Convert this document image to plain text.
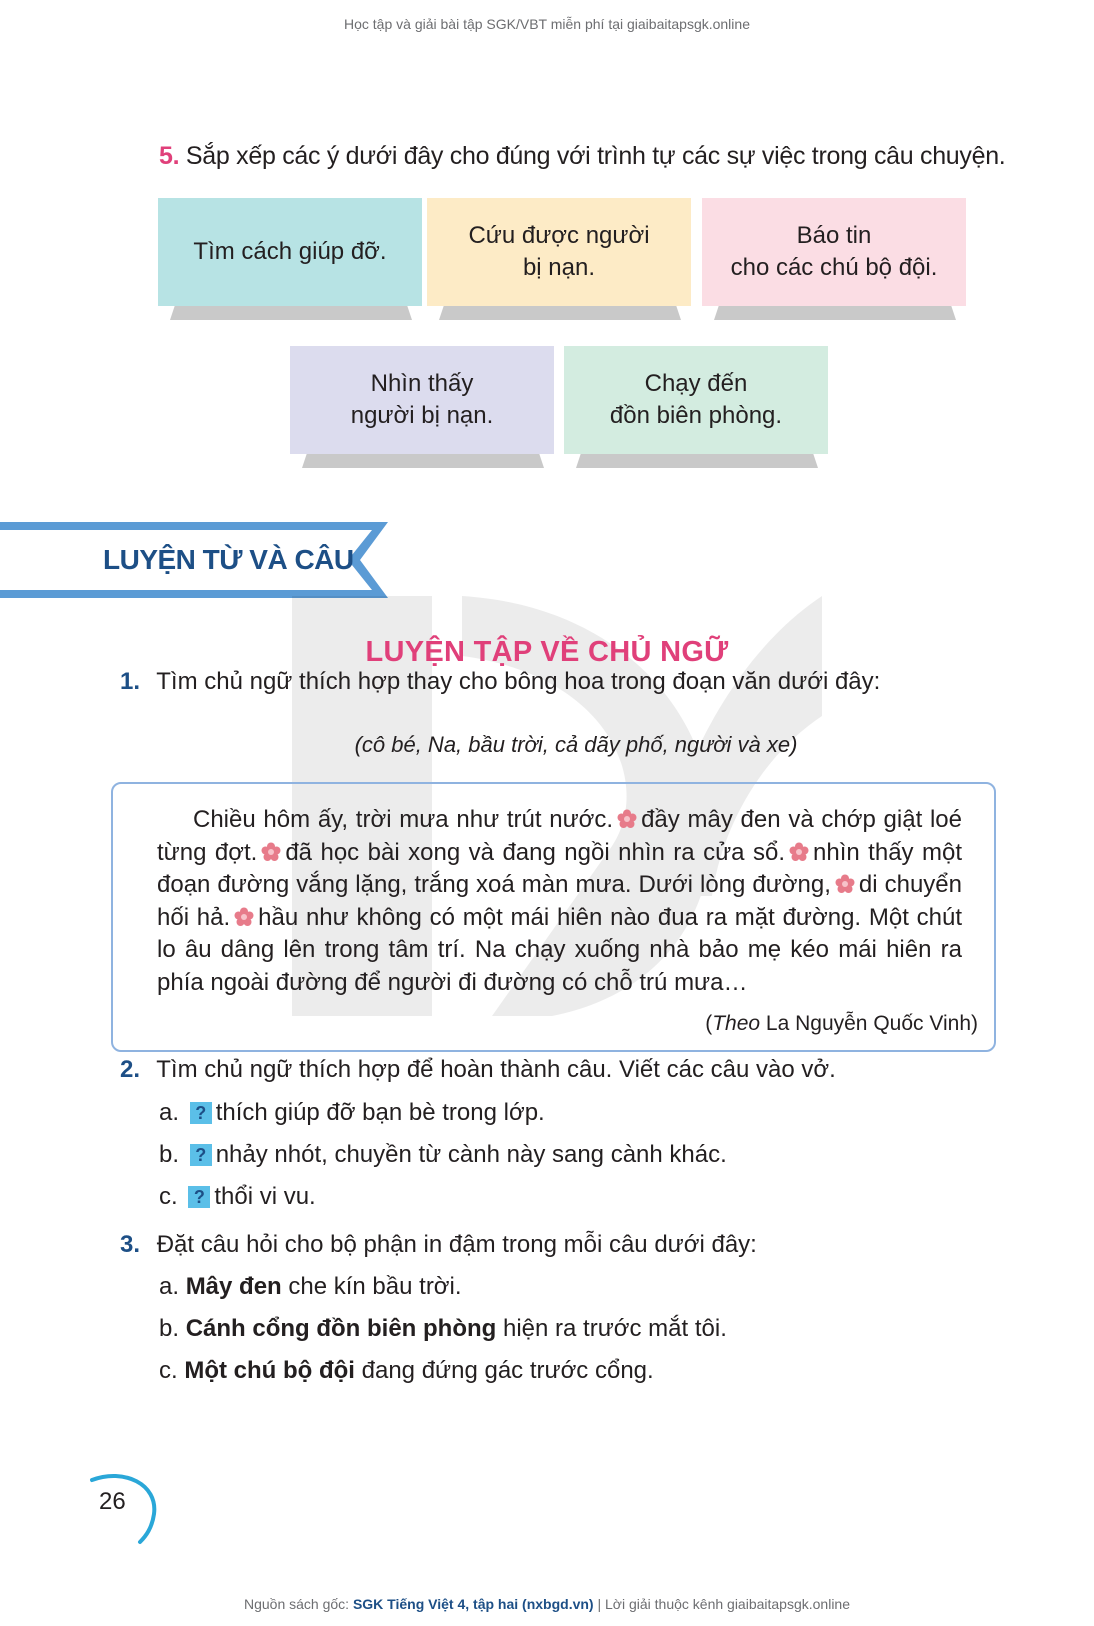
Học tập và giải bài tập SGK/VBT miễn phí tại giaibaitapsgk.online
5. Sắp xếp các ý dưới đây cho đúng với trình tự các sự việc trong câu chuyện.
Tìm cách giúp đỡ.
Cứu được người
bị nạn.
Báo tin
cho các chú bộ đội.
Nhìn thấy
người bị nạn.
Chạy đến
đồn biên phòng.
LUYỆN TỪ VÀ CÂU
LUYỆN TẬP VỀ CHỦ NGỮ
1. Tìm chủ ngữ thích hợp thay cho bông hoa trong đoạn văn dưới đây:
(cô bé, Na, bầu trời, cả dãy phố, người và xe)
Chiều hôm ấy, trời mưa như trút nước. đầy mây đen và chớp giật loé từng đợt. đã học bài xong và đang ngồi nhìn ra cửa sổ. nhìn thấy một đoạn đường vắng lặng, trắng xoá màn mưa. Dưới lòng đường, di chuyển hối hả. hầu như không có một mái hiên nào đua ra mặt đường. Một chút lo âu dâng lên trong tâm trí. Na chạy xuống nhà bảo mẹ kéo mái hiên ra phía ngoài đường để người đi đường có chỗ trú mưa…
(Theo La Nguyễn Quốc Vinh)
2. Tìm chủ ngữ thích hợp để hoàn thành câu. Viết các câu vào vở.
a. ? thích giúp đỡ bạn bè trong lớp.
b. ? nhảy nhót, chuyền từ cành này sang cành khác.
c. ? thổi vi vu.
3. Đặt câu hỏi cho bộ phận in đậm trong mỗi câu dưới đây:
a. Mây đen che kín bầu trời.
b. Cánh cổng đồn biên phòng hiện ra trước mắt tôi.
c. Một chú bộ đội đang đứng gác trước cổng.
26
Nguồn sách gốc: SGK Tiếng Việt 4, tập hai (nxbgd.vn) | Lời giải thuộc kênh giaibaitapsgk.online
